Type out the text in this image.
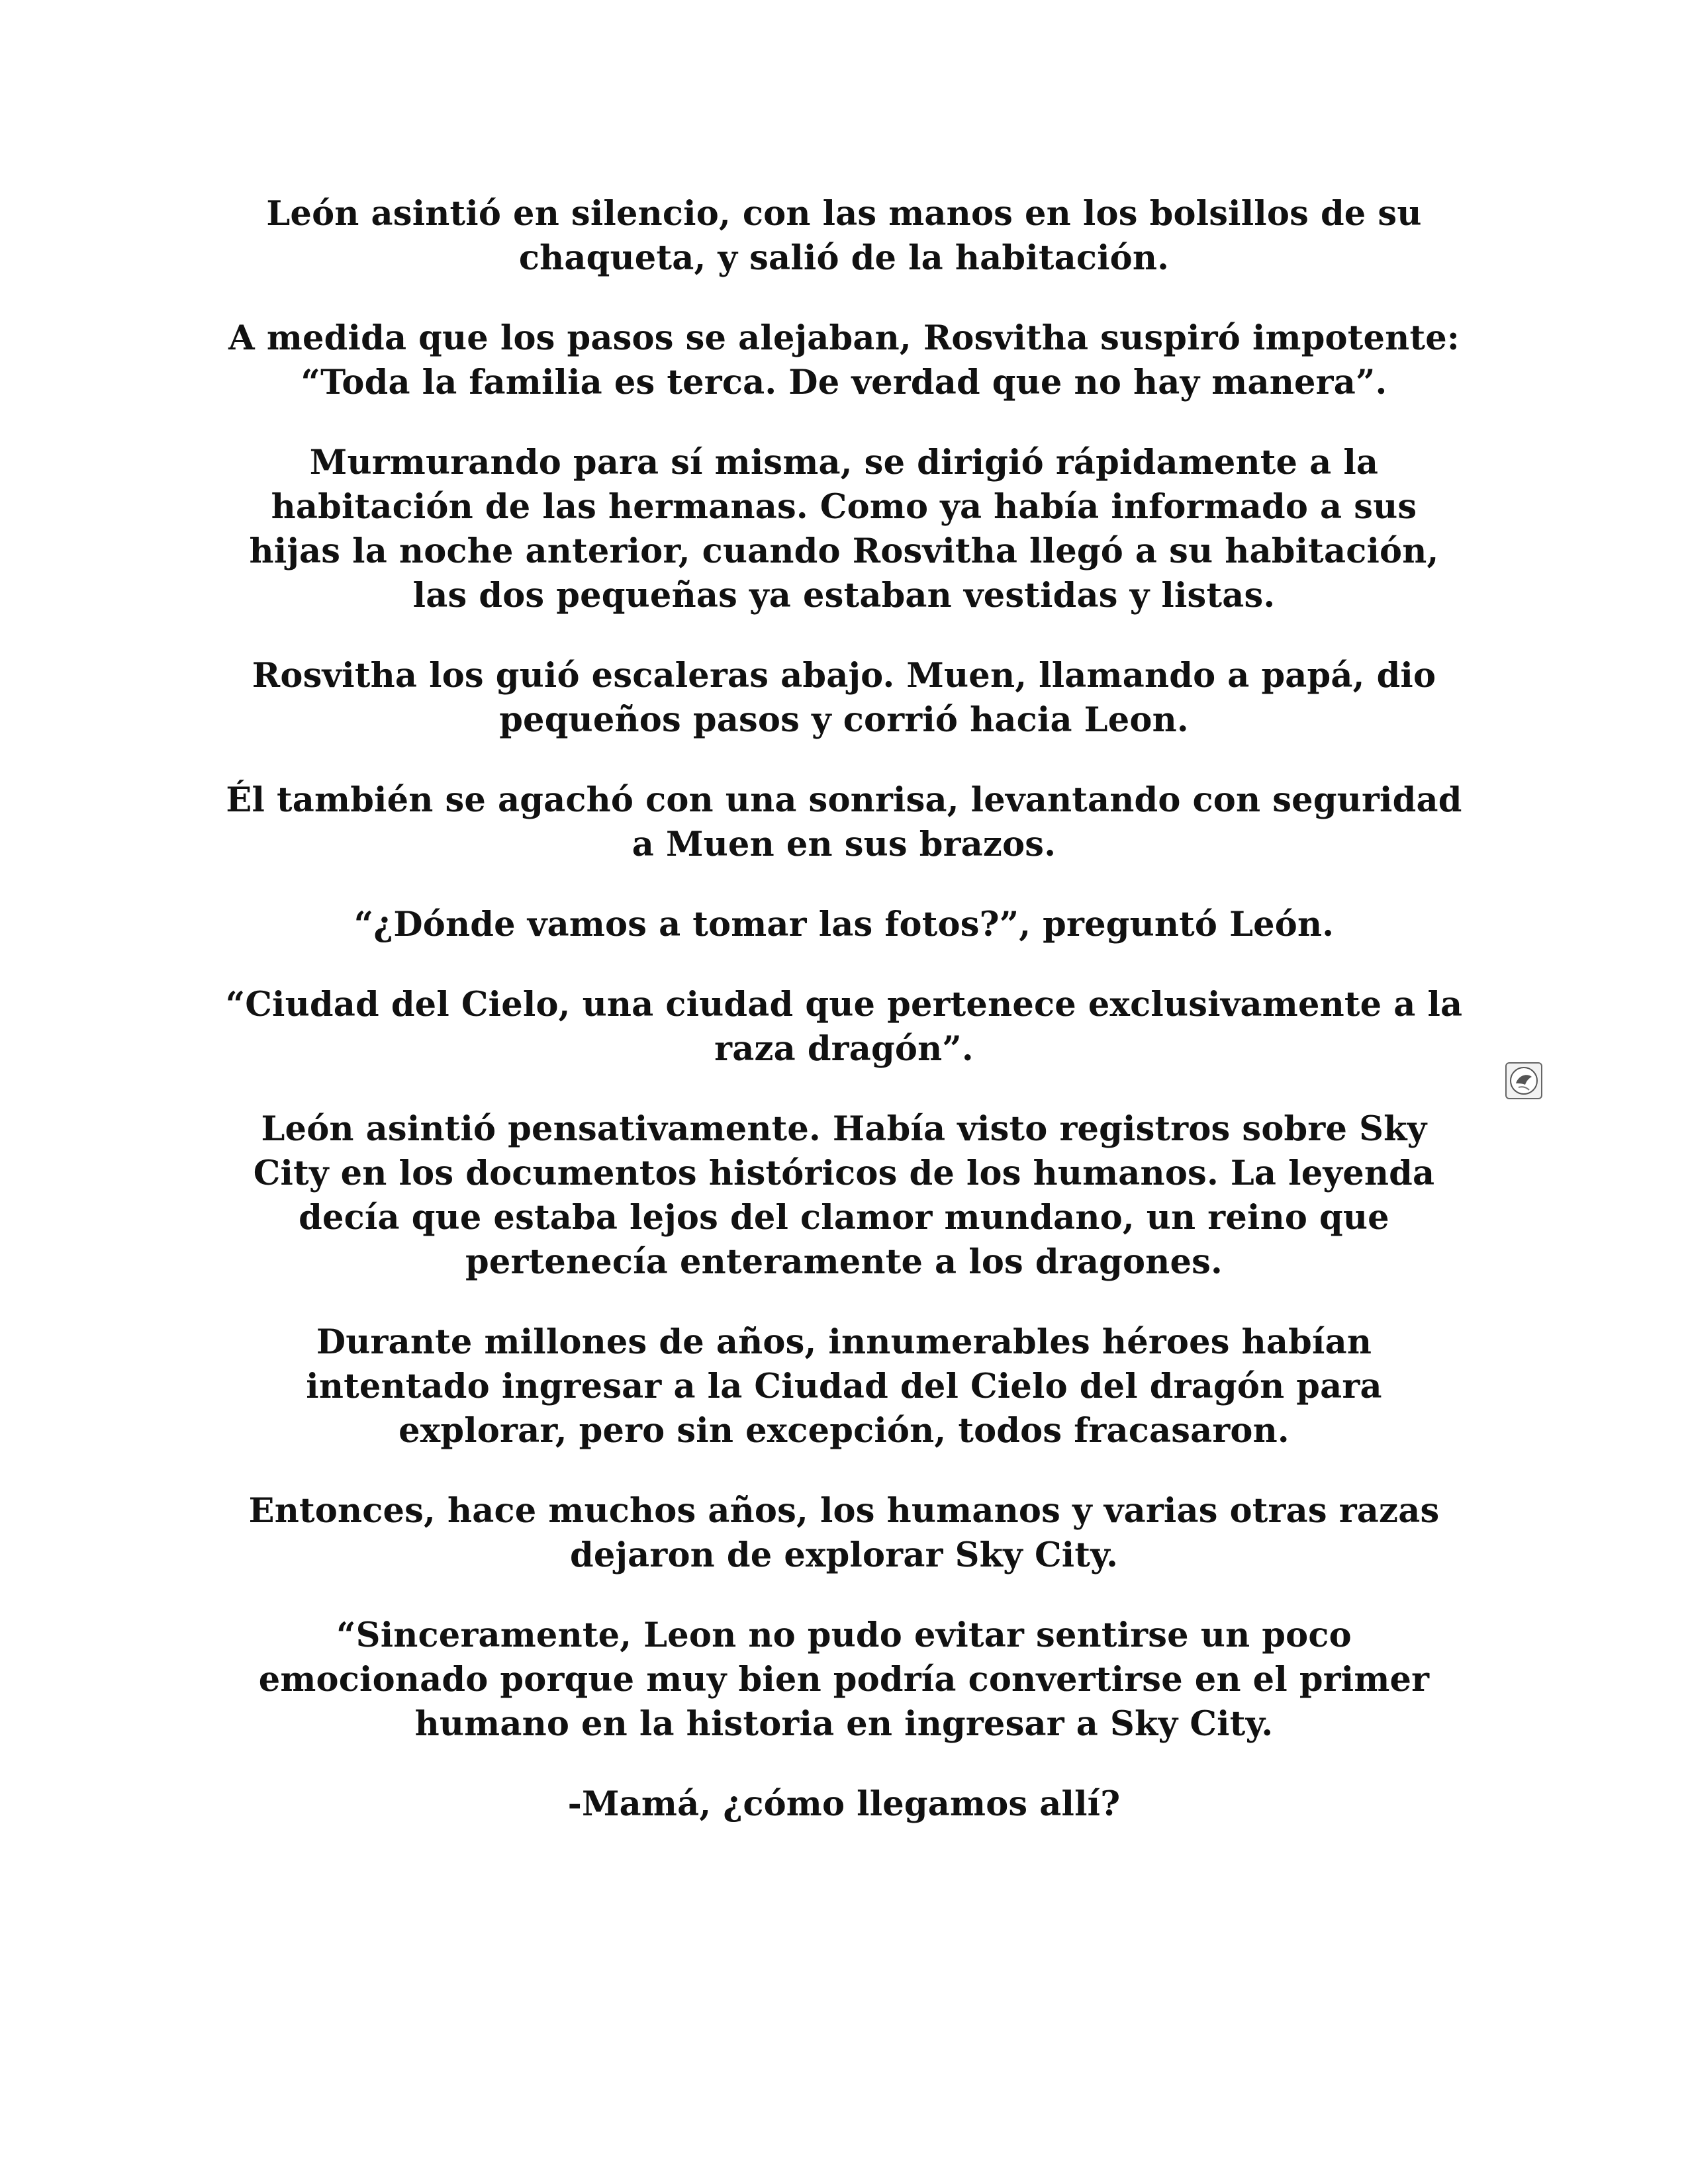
León asintió en silencio, con las manos en los bolsillos de su chaqueta, y salió de la habitación.

A medida que los pasos se alejaban, Rosvitha suspiró impotente: “Toda la familia es terca. De verdad que no hay manera”.

Murmurando para sí misma, se dirigió rápidamente a la habitación de las hermanas. Como ya había informado a sus hijas la noche anterior, cuando Rosvitha llegó a su habitación, las dos pequeñas ya estaban vestidas y listas.

Rosvitha los guió escaleras abajo. Muen, llamando a papá, dio pequeños pasos y corrió hacia Leon.

Él también se agachó con una sonrisa, levantando con seguridad a Muen en sus brazos.

“¿Dónde vamos a tomar las fotos?”, preguntó León.

“Ciudad del Cielo, una ciudad que pertenece exclusivamente a la raza dragón”.

León asintió pensativamente. Había visto registros sobre Sky City en los documentos históricos de los humanos. La leyenda decía que estaba lejos del clamor mundano, un reino que pertenecía enteramente a los dragones.

Durante millones de años, innumerables héroes habían intentado ingresar a la Ciudad del Cielo del dragón para explorar, pero sin excepción, todos fracasaron.

Entonces, hace muchos años, los humanos y varias otras razas dejaron de explorar Sky City.

“Sinceramente, Leon no pudo evitar sentirse un poco emocionado porque muy bien podría convertirse en el primer humano en la historia en ingresar a Sky City.

-Mamá, ¿cómo llegamos allí?
